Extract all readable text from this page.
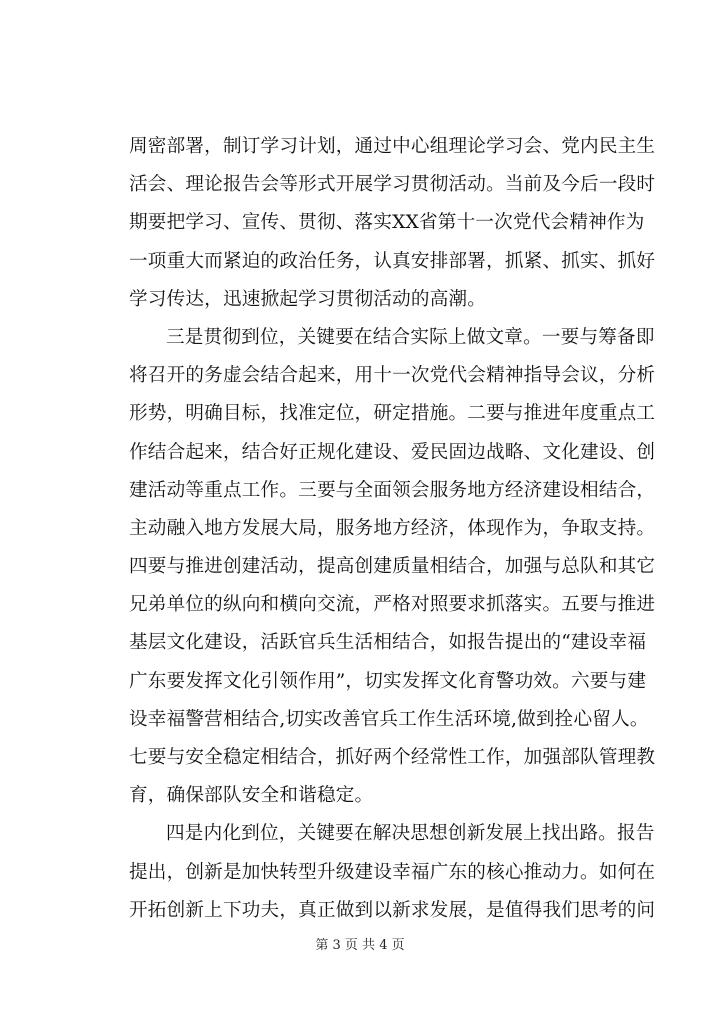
周密部署，制订学习计划，通过中心组理论学习会、党内民主生
活会、理论报告会等形式开展学习贯彻活动。当前及今后一段时
期要把学习、宣传、贯彻、落实XX省第十一次党代会精神作为
一项重大而紧迫的政治任务，认真安排部署，抓紧、抓实、抓好
学习传达，迅速掀起学习贯彻活动的高潮。
三是贯彻到位，关键要在结合实际上做文章。一要与筹备即
将召开的务虚会结合起来，用十一次党代会精神指导会议，分析
形势，明确目标，找准定位，研定措施。二要与推进年度重点工
作结合起来，结合好正规化建设、爱民固边战略、文化建设、创
建活动等重点工作。三要与全面领会服务地方经济建设相结合，
主动融入地方发展大局，服务地方经济，体现作为，争取支持。
四要与推进创建活动，提高创建质量相结合，加强与总队和其它
兄弟单位的纵向和横向交流，严格对照要求抓落实。五要与推进
基层文化建设，活跃官兵生活相结合，如报告提出的“建设幸福
广东要发挥文化引领作用”，切实发挥文化育警功效。六要与建
设幸福警营相结合,切实改善官兵工作生活环境,做到拴心留人。
七要与安全稳定相结合，抓好两个经常性工作，加强部队管理教
育，确保部队安全和谐稳定。
四是内化到位，关键要在解决思想创新发展上找出路。报告
提出，创新是加快转型升级建设幸福广东的核心推动力。如何在
开拓创新上下功夫，真正做到以新求发展，是值得我们思考的问
第 3 页 共 4 页
